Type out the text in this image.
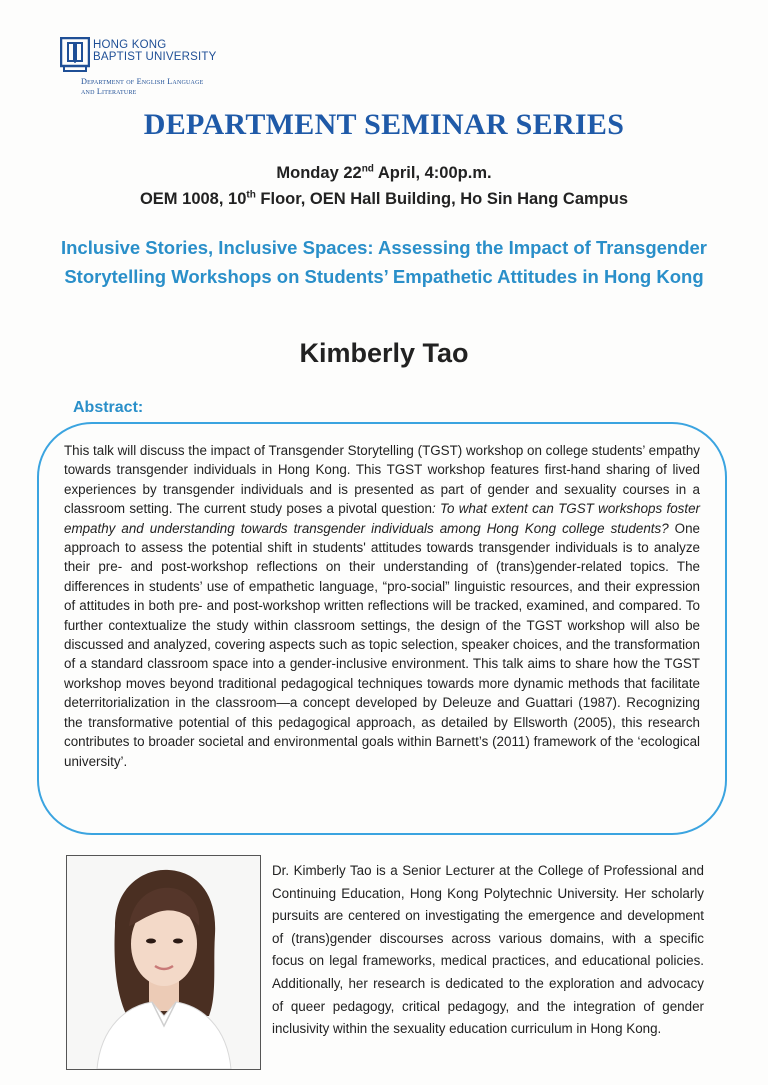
HONG KONG
BAPTIST UNIVERSITY
Department of English Language
and Literature
DEPARTMENT SEMINAR SERIES
Monday 22nd April, 4:00p.m.
OEM 1008, 10th Floor, OEN Hall Building, Ho Sin Hang Campus
Inclusive Stories, Inclusive Spaces: Assessing the Impact of Transgender Storytelling Workshops on Students’ Empathetic Attitudes in Hong Kong
Kimberly Tao
Abstract:
This talk will discuss the impact of Transgender Storytelling (TGST) workshop on college students’ empathy towards transgender individuals in Hong Kong. This TGST workshop features first-hand sharing of lived experiences by transgender individuals and is presented as part of gender and sexuality courses in a classroom setting. The current study poses a pivotal question: To what extent can TGST workshops foster empathy and understanding towards transgender individuals among Hong Kong college students? One approach to assess the potential shift in students' attitudes towards transgender individuals is to analyze their pre- and post-workshop reflections on their understanding of (trans)gender-related topics. The differences in students’ use of empathetic language, “pro-social” linguistic resources, and their expression of attitudes in both pre- and post-workshop written reflections will be tracked, examined, and compared. To further contextualize the study within classroom settings, the design of the TGST workshop will also be discussed and analyzed, covering aspects such as topic selection, speaker choices, and the transformation of a standard classroom space into a gender-inclusive environment. This talk aims to share how the TGST workshop moves beyond traditional pedagogical techniques towards more dynamic methods that facilitate deterritorialization in the classroom—a concept developed by Deleuze and Guattari (1987). Recognizing the transformative potential of this pedagogical approach, as detailed by Ellsworth (2005), this research contributes to broader societal and environmental goals within Barnett’s (2011) framework of the ‘ecological university’.
Dr. Kimberly Tao is a Senior Lecturer at the College of Professional and Continuing Education, Hong Kong Polytechnic University. Her scholarly pursuits are centered on investigating the emergence and development of (trans)gender discourses across various domains, with a specific focus on legal frameworks, medical practices, and educational policies. Additionally, her research is dedicated to the exploration and advocacy of queer pedagogy, critical pedagogy, and the integration of gender inclusivity within the sexuality education curriculum in Hong Kong.
